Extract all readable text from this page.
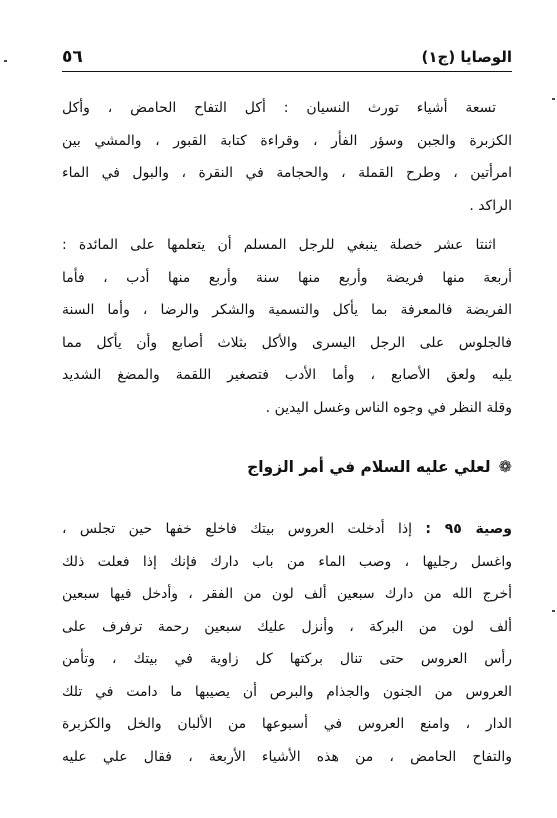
٥٦	الوصايا (ج١)
تسعة أشياء تورث النسيان : أكل التفاح الحامض ، وأكل
الكزبرة والجبن وسؤر الفأر ، وقراءة كتابة القبور ، والمشي بين
امرأتين ، وطرح القملة ، والحجامة في النقرة ، والبول في الماء
الراكد .
اثنتا عشر خصلة ينبغي للرجل المسلم أن يتعلمها على المائدة :
أربعة منها فريضة وأربع منها سنة وأربع منها أدب ، فأما
الفريضة فالمعرفة بما يأكل والتسمية والشكر والرضا ، وأما السنة
فالجلوس على الرجل اليسرى والأكل بثلاث أصابع وأن يأكل مما
يليه ولعق الأصابع ، وأما الأدب فتصغير اللقمة والمضغ الشديد
وقلة النظر في وجوه الناس وغسل اليدين .
❁
لعلي عليه السلام في أمر الزواج
وصية ٩٥ : إذا أدخلت العروس بيتك فاخلع خفها حين تجلس ،
واغسل رجليها ، وصب الماء من باب دارك فإنك إذا فعلت ذلك
أخرج الله من دارك سبعين ألف لون من الفقر ، وأدخل فيها سبعين
ألف لون من البركة ، وأنزل عليك سبعين رحمة ترفرف على
رأس العروس حتى تنال بركتها كل زاوية في بيتك ، وتأمن
العروس من الجنون والجذام والبرص أن يصيبها ما دامت في تلك
الدار ، وامنع العروس في أسبوعها من الألبان والخل والكزبرة
والتفاح الحامض ، من هذه الأشياء الأربعة ، فقال علي عليه
